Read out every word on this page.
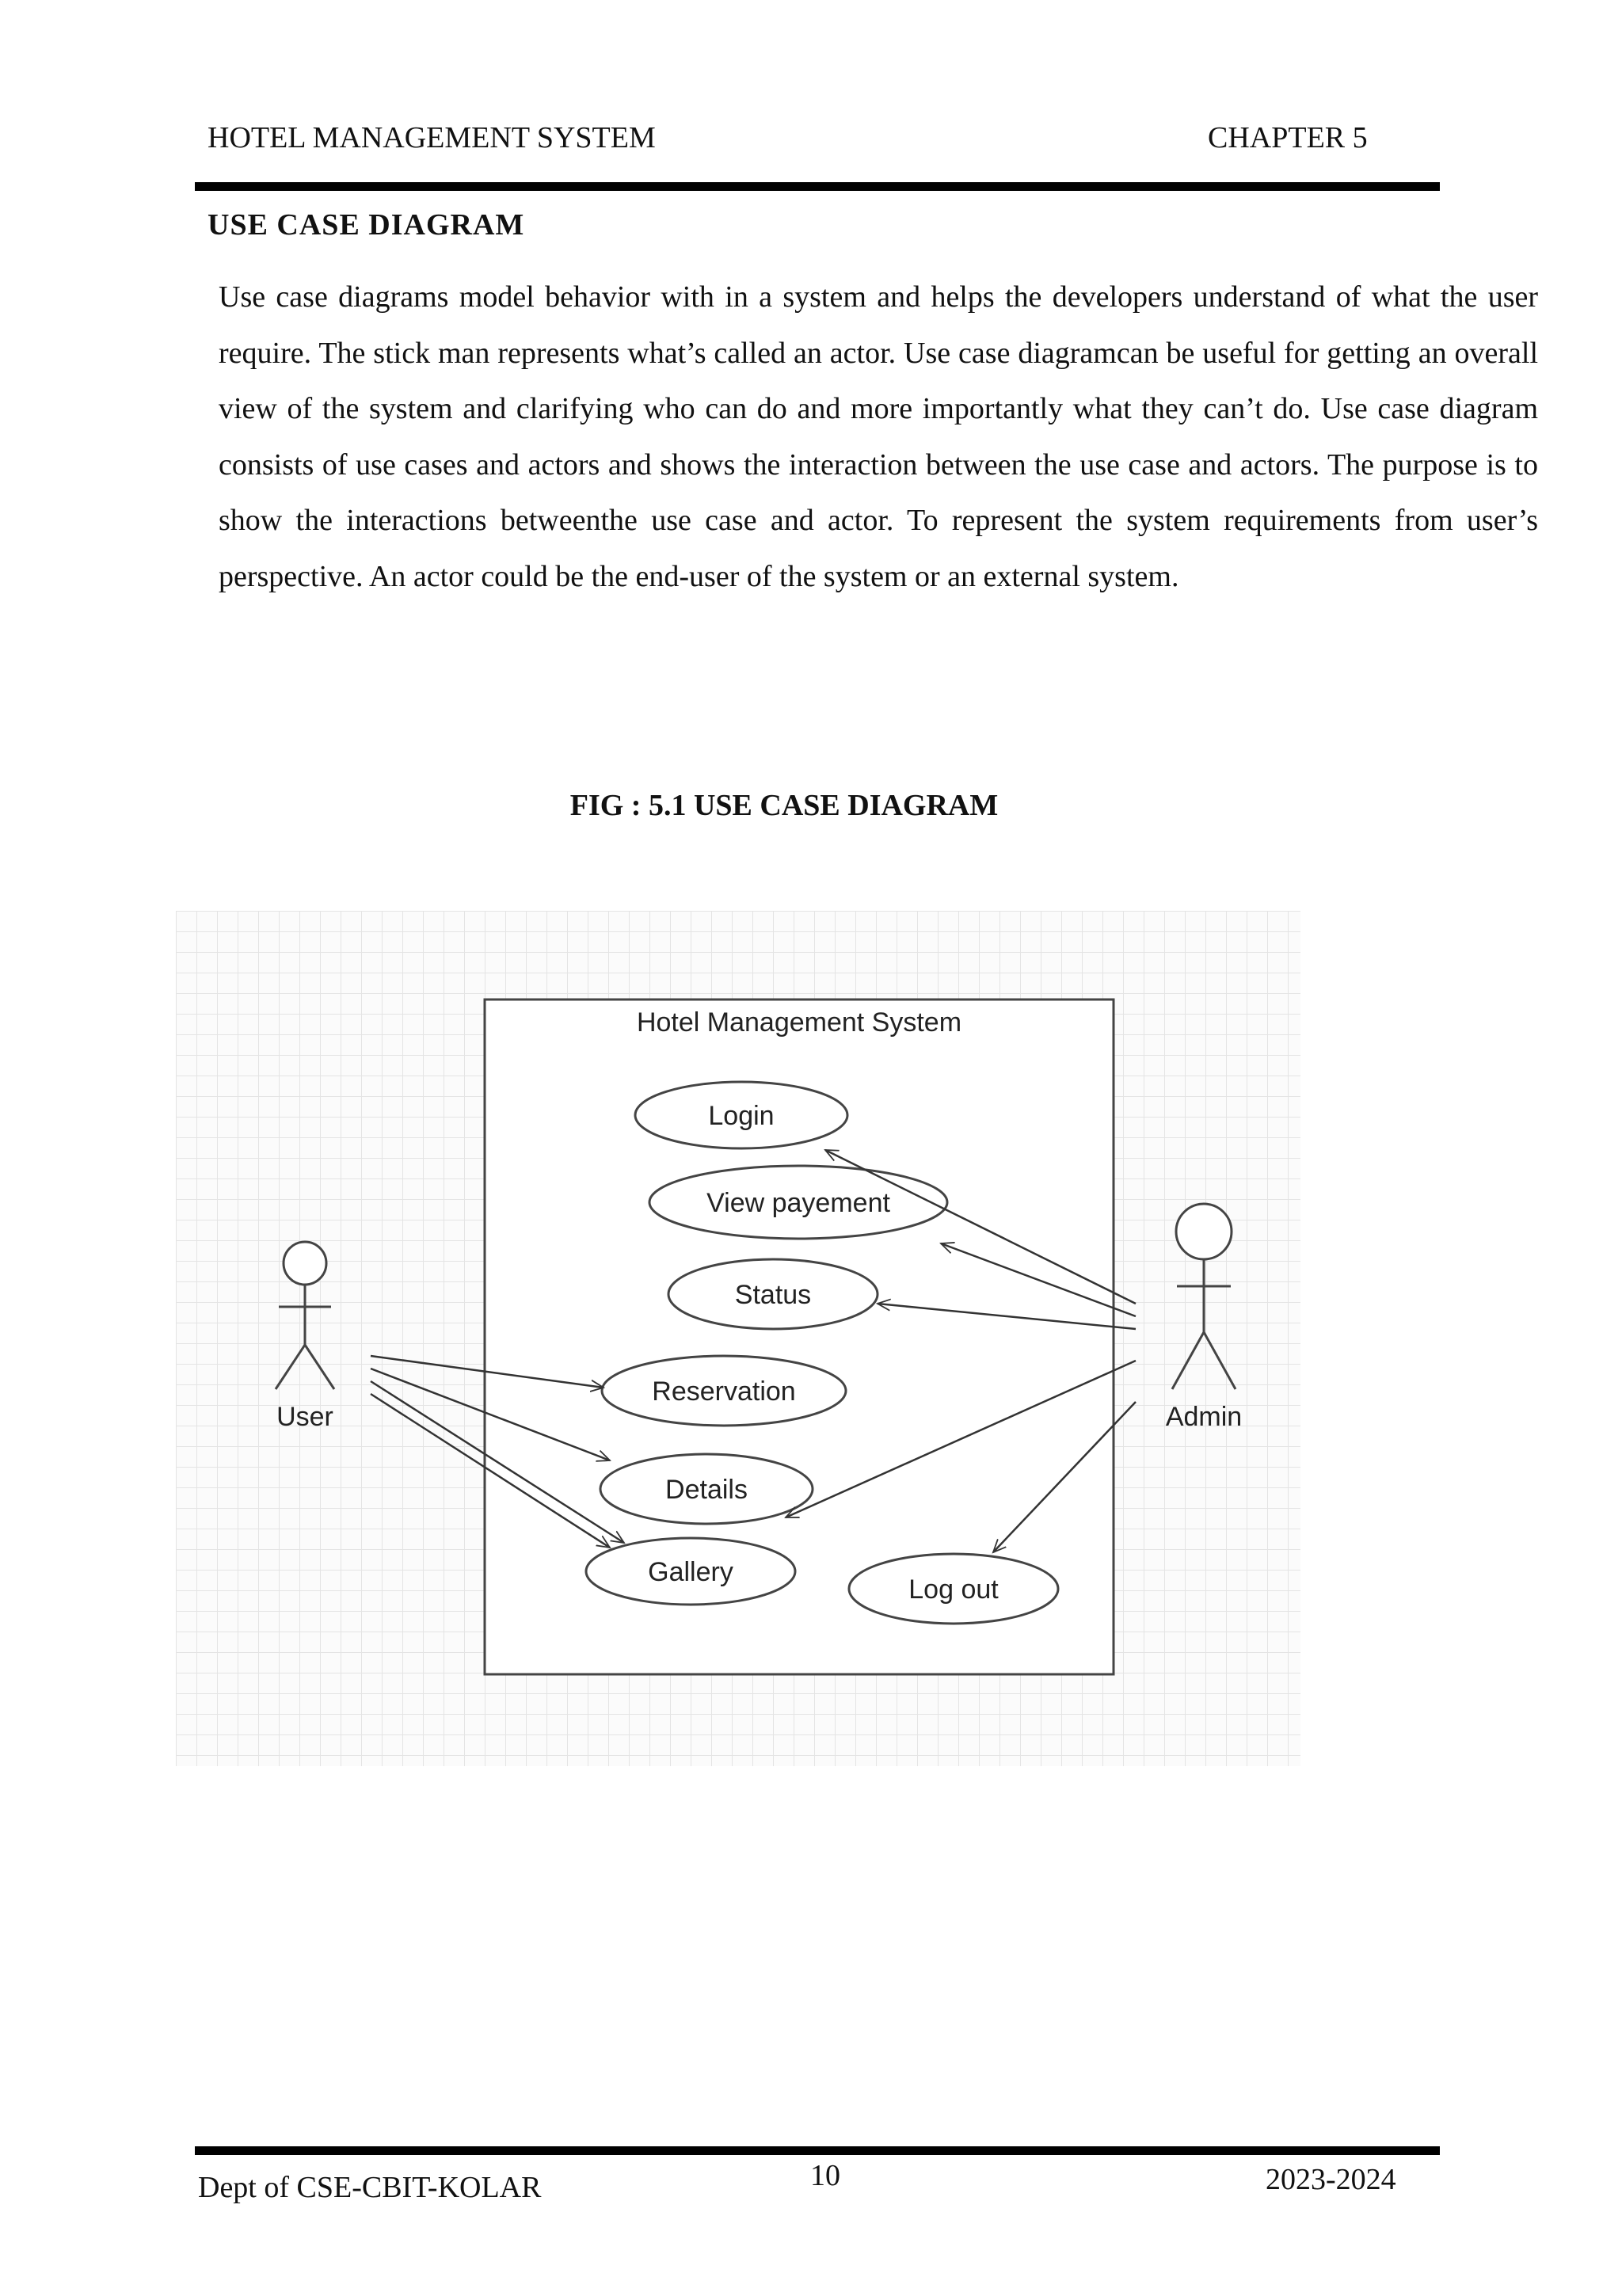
HOTEL MANAGEMENT SYSTEM	CHAPTER 5
USE CASE DIAGRAM

Use case diagrams model behavior with in a system and helps the developers understand of what the user require. The stick man represents what’s called an actor. Use case diagramcan be useful for getting an overall view of the system and clarifying who can do and more importantly what they can’t do. Use case diagram consists of use cases and actors and shows the interaction between the use case and actors. The purpose is to show the interactions betweenthe use case and actor. To represent the system requirements from user’s perspective. An actor could be the end-user of the system or an external system.

FIG : 5.1 USE CASE DIAGRAM
Hotel Management System
Login
View payement
Status
Reservation
Details
Gallery
Log out
User	Admin
Dept of CSE-CBIT-KOLAR	10	2023-2024
